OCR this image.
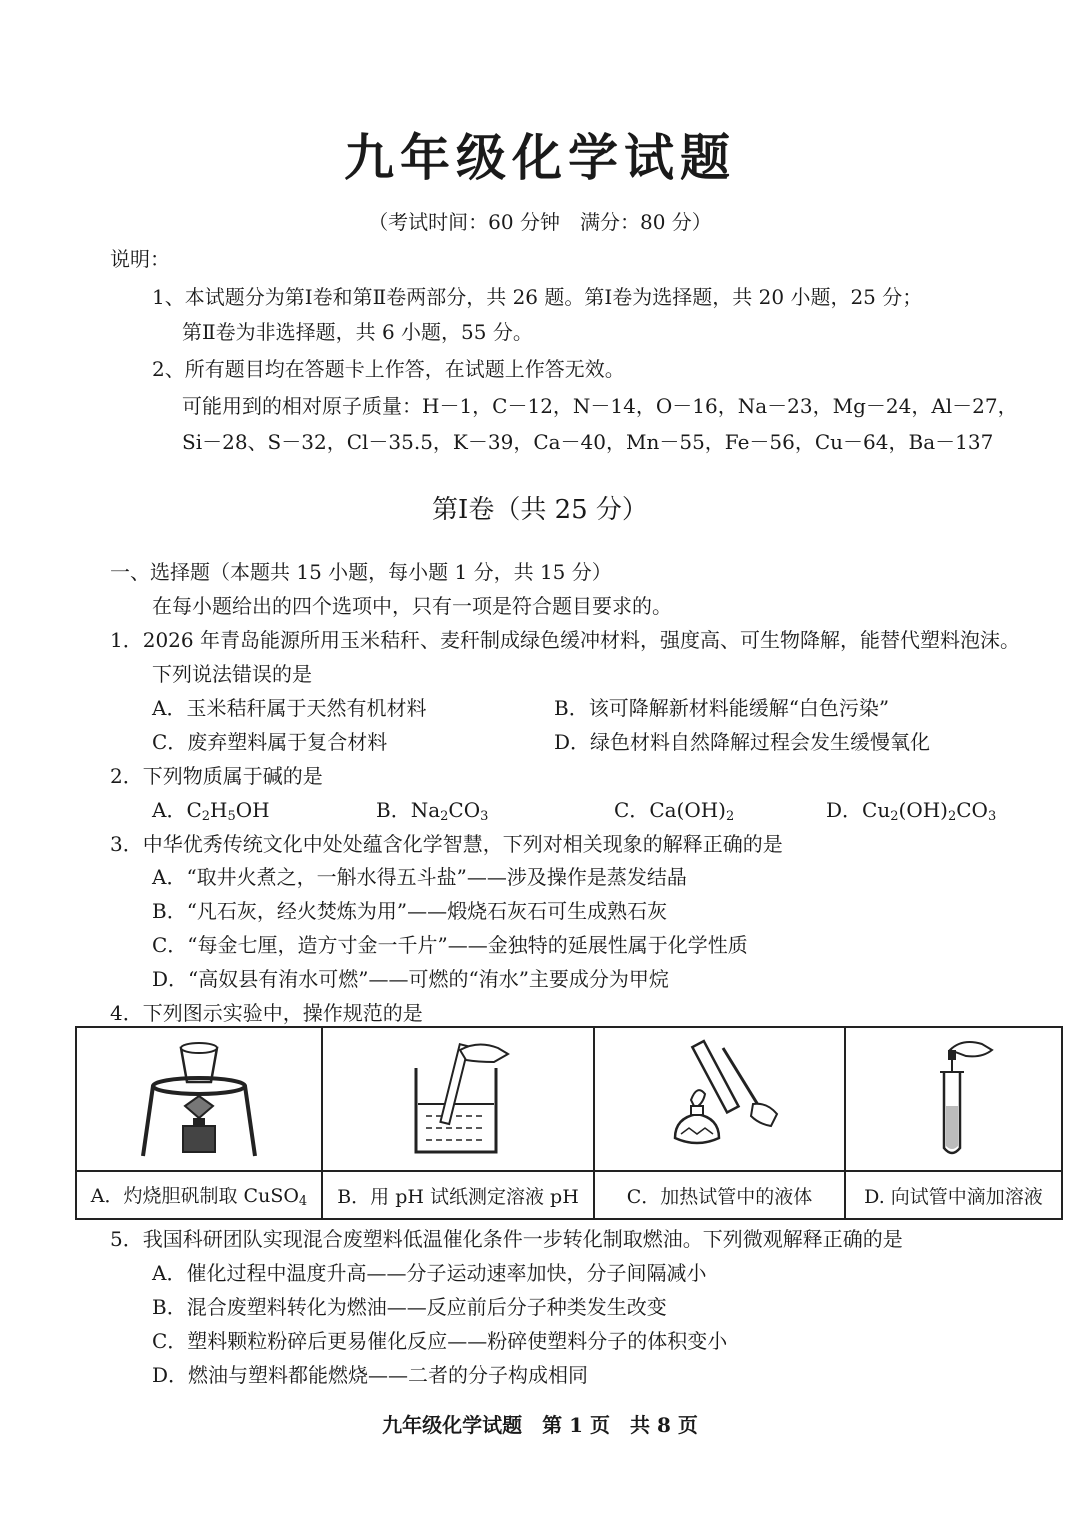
九年级化学试题
（考试时间：60 分钟　满分：80 分）
说明：
1、本试题分为第Ⅰ卷和第Ⅱ卷两部分，共 26 题。第Ⅰ卷为选择题，共 20 小题，25 分；
第Ⅱ卷为非选择题，共 6 小题，55 分。
2、所有题目均在答题卡上作答，在试题上作答无效。
可能用到的相对原子质量：H－1，C－12，N－14，O－16，Na－23，Mg－24，Al－27，
Si－28、S－32，Cl－35.5，K－39，Ca－40，Mn－55，Fe－56，Cu－64，Ba－137
第Ⅰ卷（共 25 分）
一、选择题（本题共 15 小题，每小题 1 分，共 15 分）
在每小题给出的四个选项中，只有一项是符合题目要求的。
1．2026 年青岛能源所用玉米秸秆、麦秆制成绿色缓冲材料，强度高、可生物降解，能替代塑料泡沫。
下列说法错误的是
A．玉米秸秆属于天然有机材料	B．该可降解新材料能缓解“白色污染”
C．废弃塑料属于复合材料	D．绿色材料自然降解过程会发生缓慢氧化
2．下列物质属于碱的是
A．$C_2H_5OH$	B．$Na_2CO_3$	C．$Ca(OH)_2$	D．$Cu_2(OH)_2CO_3$
3．中华优秀传统文化中处处蕴含化学智慧，下列对相关现象的解释正确的是
A．“取井火煮之，一斛水得五斗盐”——涉及操作是蒸发结晶
B．“凡石灰，经火焚炼为用”——煅烧石灰石可生成熟石灰
C．“每金七厘，造方寸金一千片”——金独特的延展性属于化学性质
D．“高奴县有洧水可燃”——可燃的“洧水”主要成分为甲烷
4．下列图示实验中，操作规范的是

A．灼烧胆矾制取 CuSO$_4$	B．用 pH 试纸测定溶液 pH	C．加热试管中的液体	D. 向试管中滴加溶液
5．我国科研团队实现混合废塑料低温催化条件一步转化制取燃油。下列微观解释正确的是
A．催化过程中温度升高——分子运动速率加快，分子间隔减小
B．混合废塑料转化为燃油——反应前后分子种类发生改变
C．塑料颗粒粉碎后更易催化反应——粉碎使塑料分子的体积变小
D．燃油与塑料都能燃烧——二者的分子构成相同
九年级化学试题　第 1 页　共 8 页
